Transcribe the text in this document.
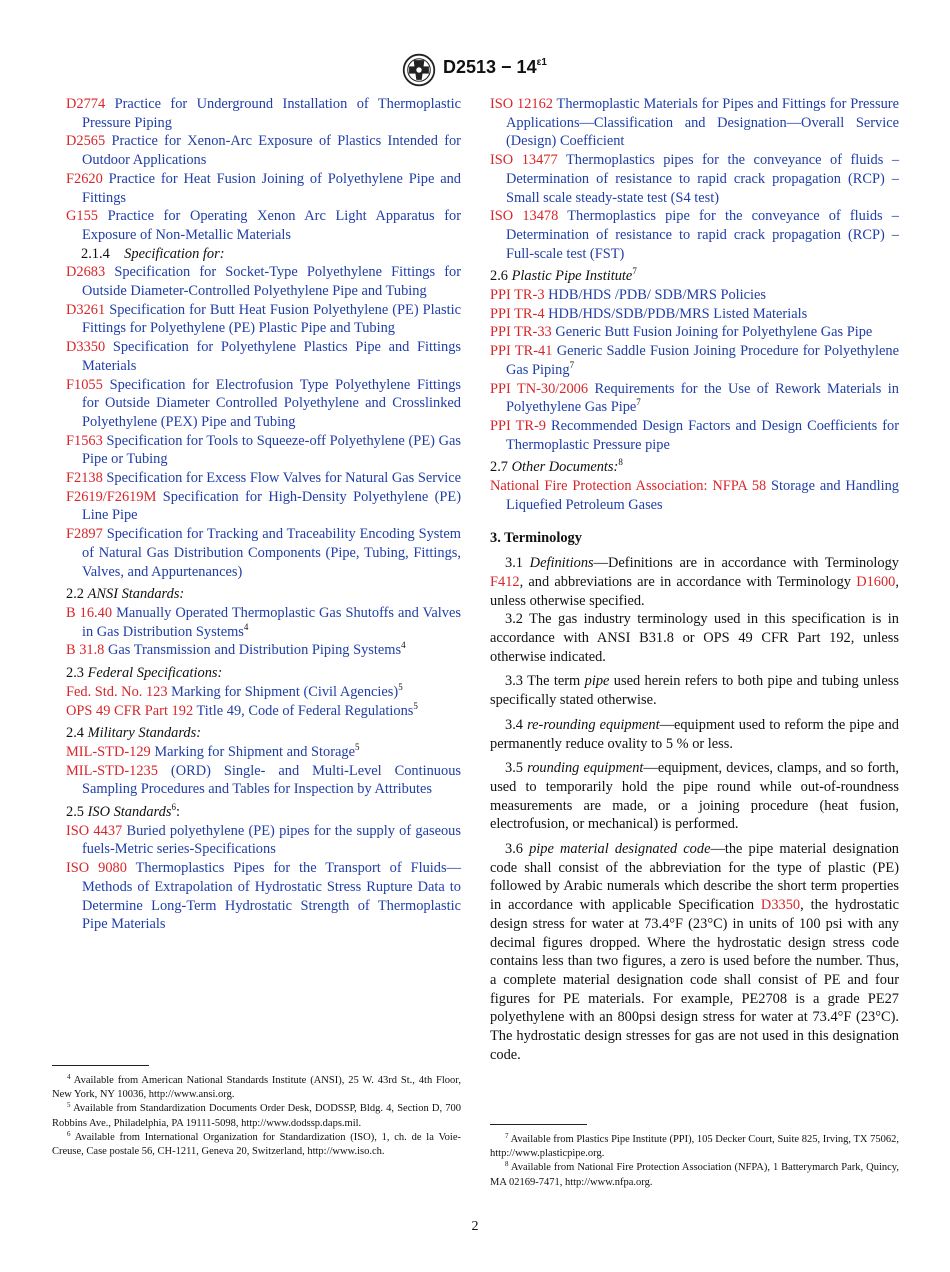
$D2513 - 14^{\varepsilon 1}$

D2774 Practice for Underground Installation of Thermoplastic Pressure Piping

D2565 Practice for Xenon-Arc Exposure of Plastics Intended for Outdoor Applications

F2620 Practice for Heat Fusion Joining of Polyethylene Pipe and Fittings

G155 Practice for Operating Xenon Arc Light Apparatus for Exposure of Non-Metallic Materials

2.1.4 Specification for:

D2683 Specification for Socket-Type Polyethylene Fittings for Outside Diameter-Controlled Polyethylene Pipe and Tubing

D3261 Specification for Butt Heat Fusion Polyethylene (PE) Plastic Fittings for Polyethylene (PE) Plastic Pipe and Tubing

D3350 Specification for Polyethylene Plastics Pipe and Fittings Materials

F1055 Specification for Electrofusion Type Polyethylene Fittings for Outside Diameter Controlled Polyethylene and Crosslinked Polyethylene (PEX) Pipe and Tubing

F1563 Specification for Tools to Squeeze-off Polyethylene (PE) Gas Pipe or Tubing

F2138 Specification for Excess Flow Valves for Natural Gas Service

F2619/F2619M Specification for High-Density Polyethylene (PE) Line Pipe

F2897 Specification for Tracking and Traceability Encoding System of Natural Gas Distribution Components (Pipe, Tubing, Fittings, Valves, and Appurtenances)

2.2 ANSI Standards:

B 16.40 Manually Operated Thermoplastic Gas Shutoffs and Valves in Gas Distribution Systems$^4$

B 31.8 Gas Transmission and Distribution Piping Systems$^4$

2.3 Federal Specifications:

Fed. Std. No. 123 Marking for Shipment (Civil Agencies)$^5$

OPS 49 CFR Part 192 Title 49, Code of Federal Regulations$^5$

2.4 Military Standards:

MIL-STD-129 Marking for Shipment and Storage$^5$

MIL-STD-1235 (ORD) Single- and Multi-Level Continuous Sampling Procedures and Tables for Inspection by Attributes

2.5 ISO Standards$^6$:

ISO 4437 Buried polyethylene (PE) pipes for the supply of gaseous fuels-Metric series-Specifications

ISO 9080 Thermoplastics Pipes for the Transport of Fluids—Methods of Extrapolation of Hydrostatic Stress Rupture Data to Determine Long-Term Hydrostatic Strength of Thermoplastic Pipe Materials

ISO 12162 Thermoplastic Materials for Pipes and Fittings for Pressure Applications—Classification and Designation—Overall Service (Design) Coefficient

ISO 13477 Thermoplastics pipes for the conveyance of fluids – Determination of resistance to rapid crack propagation (RCP) – Small scale steady-state test (S4 test)

ISO 13478 Thermoplastics pipe for the conveyance of fluids – Determination of resistance to rapid crack propagation (RCP) – Full-scale test (FST)

2.6 Plastic Pipe Institute$^7$

PPI TR-3 HDB/HDS /PDB/ SDB/MRS Policies

PPI TR-4 HDB/HDS/SDB/PDB/MRS Listed Materials

PPI TR-33 Generic Butt Fusion Joining for Polyethylene Gas Pipe

PPI TR-41 Generic Saddle Fusion Joining Procedure for Polyethylene Gas Piping$^7$

PPI TN-30/2006 Requirements for the Use of Rework Materials in Polyethylene Gas Pipe$^7$

PPI TR-9 Recommended Design Factors and Design Coefficients for Thermoplastic Pressure pipe

2.7 Other Documents:$^8$

National Fire Protection Association: NFPA 58 Storage and Handling Liquefied Petroleum Gases

3. Terminology

3.1 Definitions—Definitions are in accordance with Terminology F412, and abbreviations are in accordance with Terminology D1600, unless otherwise specified.

3.2 The gas industry terminology used in this specification is in accordance with ANSI B31.8 or OPS 49 CFR Part 192, unless otherwise indicated.

3.3 The term pipe used herein refers to both pipe and tubing unless specifically stated otherwise.

3.4 re-rounding equipment—equipment used to reform the pipe and permanently reduce ovality to 5 % or less.

3.5 rounding equipment—equipment, devices, clamps, and so forth, used to temporarily hold the pipe round while out-of-roundness measurements are made, or a joining procedure (heat fusion, electrofusion, or mechanical) is performed.

3.6 pipe material designated code—the pipe material designation code shall consist of the abbreviation for the type of plastic (PE) followed by Arabic numerals which describe the short term properties in accordance with applicable Specification D3350, the hydrostatic design stress for water at 73.4°F (23°C) in units of 100 psi with any decimal figures dropped. Where the hydrostatic design stress code contains less than two figures, a zero is used before the number. Thus, a complete material designation code shall consist of PE and four figures for PE materials. For example, PE2708 is a grade PE27 polyethylene with an 800psi design stress for water at 73.4°F (23°C). The hydrostatic design stresses for gas are not used in this designation code.

$^4$ Available from American National Standards Institute (ANSI), 25 W. 43rd St., 4th Floor, New York, NY 10036, http://www.ansi.org.

$^5$ Available from Standardization Documents Order Desk, DODSSP, Bldg. 4, Section D, 700 Robbins Ave., Philadelphia, PA 19111-5098, http://www.dodssp.daps.mil.

$^6$ Available from International Organization for Standardization (ISO), 1, ch. de la Voie-Creuse, Case postale 56, CH-1211, Geneva 20, Switzerland, http://www.iso.ch.

$^7$ Available from Plastics Pipe Institute (PPI), 105 Decker Court, Suite 825, Irving, TX 75062, http://www.plasticpipe.org.

$^8$ Available from National Fire Protection Association (NFPA), 1 Batterymarch Park, Quincy, MA 02169-7471, http://www.nfpa.org.

2
